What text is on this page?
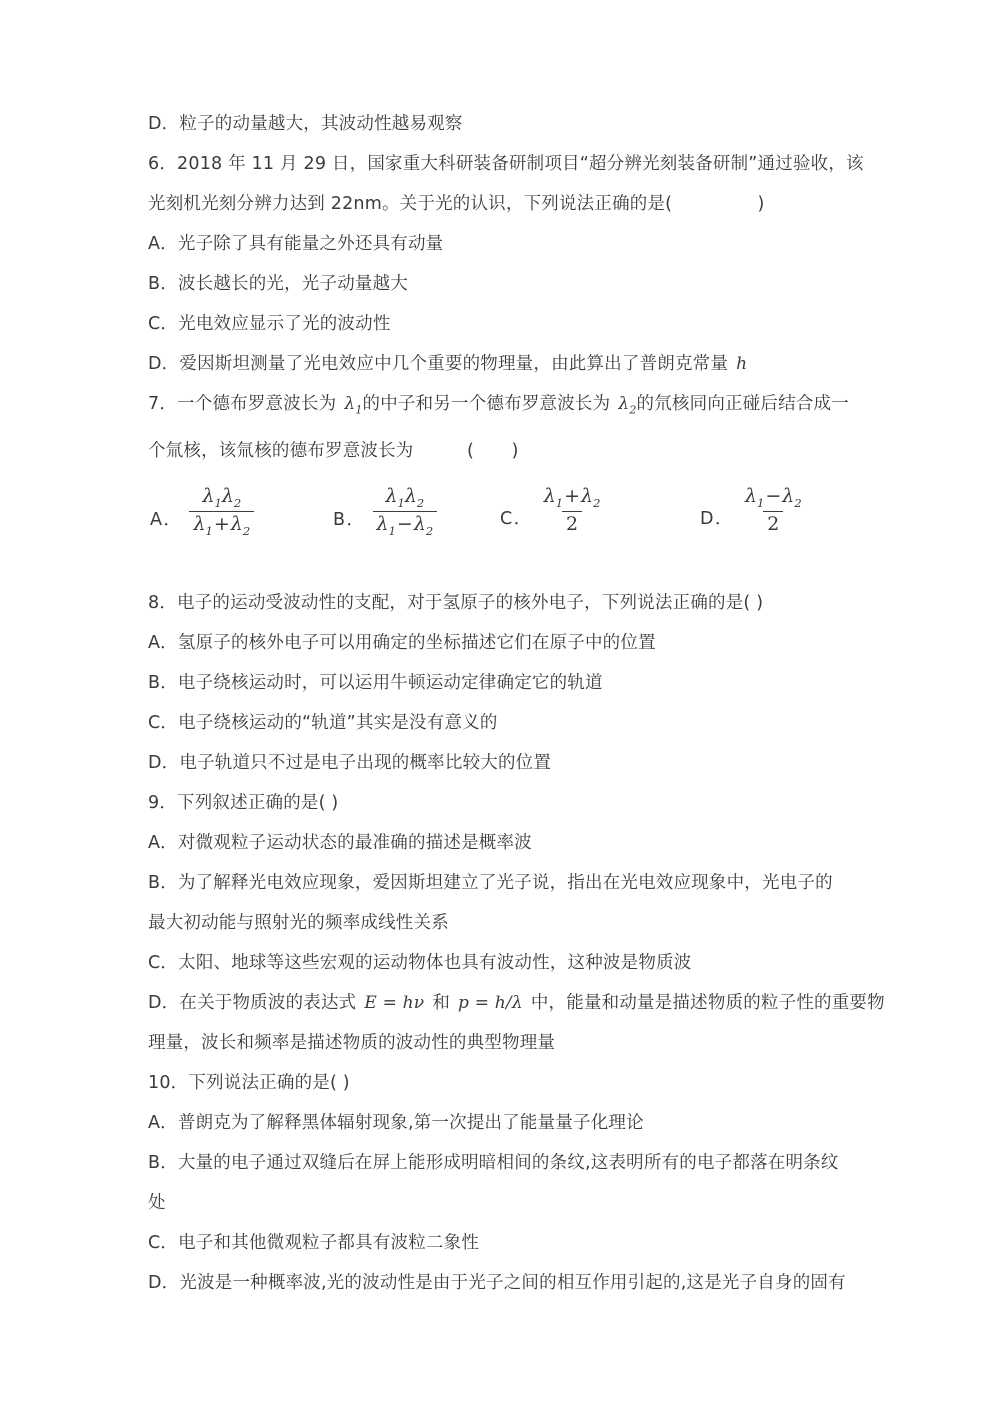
D．粒子的动量越大，其波动性越易观察
6．2018 年 11 月 29 日，国家重大科研装备研制项目“超分辨光刻装备研制”通过验收，该
光刻机光刻分辨力达到 22nm。关于光的认识，下列说法正确的是(	)
A．光子除了具有能量之外还具有动量
B．波长越长的光，光子动量越大
C．光电效应显示了光的波动性
D．爱因斯坦测量了光电效应中几个重要的物理量，由此算出了普朗克常量 h
7．一个德布罗意波长为 $\lambda_1$的中子和另一个德布罗意波长为 $\lambda_2$的氘核同向正碰后结合成一
个氚核，该氚核的德布罗意波长为	( )
A． $\frac{\lambda_1\lambda_2}{\lambda_1+\lambda_2}$	B． $\frac{\lambda_1\lambda_2}{\lambda_1-\lambda_2}$	C． $\frac{\lambda_1+\lambda_2}{2}$	D． $\frac{\lambda_1-\lambda_2}{2}$
8．电子的运动受波动性的支配，对于氢原子的核外电子，下列说法正确的是( )
A．氢原子的核外电子可以用确定的坐标描述它们在原子中的位置
B．电子绕核运动时，可以运用牛顿运动定律确定它的轨道
C．电子绕核运动的“轨道”其实是没有意义的
D．电子轨道只不过是电子出现的概率比较大的位置
9．下列叙述正确的是( )
A．对微观粒子运动状态的最准确的描述是概率波
B．为了解释光电效应现象，爱因斯坦建立了光子说，指出在光电效应现象中，光电子的
最大初动能与照射光的频率成线性关系
C．太阳、地球等这些宏观的运动物体也具有波动性，这种波是物质波
D．在关于物质波的表达式 E = hν 和 p = h/λ 中，能量和动量是描述物质的粒子性的重要物
理量，波长和频率是描述物质的波动性的典型物理量
10．下列说法正确的是( )
A．普朗克为了解释黑体辐射现象,第一次提出了能量量子化理论
B．大量的电子通过双缝后在屏上能形成明暗相间的条纹,这表明所有的电子都落在明条纹
处
C．电子和其他微观粒子都具有波粒二象性
D．光波是一种概率波,光的波动性是由于光子之间的相互作用引起的,这是光子自身的固有
